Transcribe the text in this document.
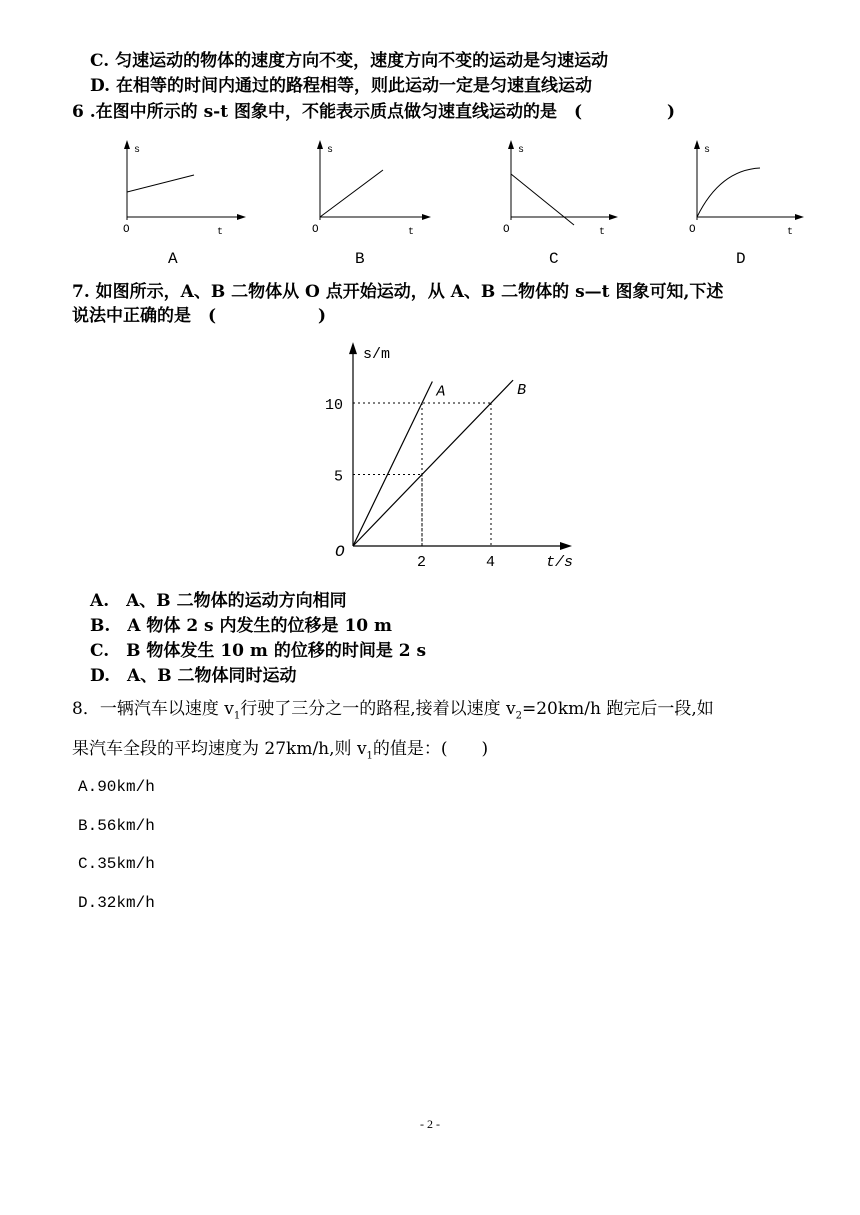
C. 匀速运动的物体的速度方向不变，速度方向不变的运动是匀速运动
D. 在相等的时间内通过的路程相等，则此运动一定是匀速直线运动
6 .在图中所示的 s-t 图象中，不能表示质点做匀速直线运动的是　(　　　　　)
s
O	t
A
s
O	t
B
s
O	t
C
s
O	t
D
7. 如图所示，A、B 二物体从 O 点开始运动，从 A、B 二物体的 s—t 图象可知,下述
说法中正确的是　(　　　　　　)
2	4
5
10
A	B
s/m
t/s
O
A.　A、B 二物体的运动方向相同
B.　A 物体 2 s 内发生的位移是 10 m
C.　B 物体发生 10 m 的位移的时间是 2 s
D.　A、B 二物体同时运动
8．一辆汽车以速度 $v_1$行驶了三分之一的路程,接着以速度 $v_2=20km/h$ 跑完后一段,如
果汽车全段的平均速度为 27km/h,则 $v_1$的值是：(　　)
A.90km/h
B.56km/h
C.35km/h
D.32km/h
- 2 -
